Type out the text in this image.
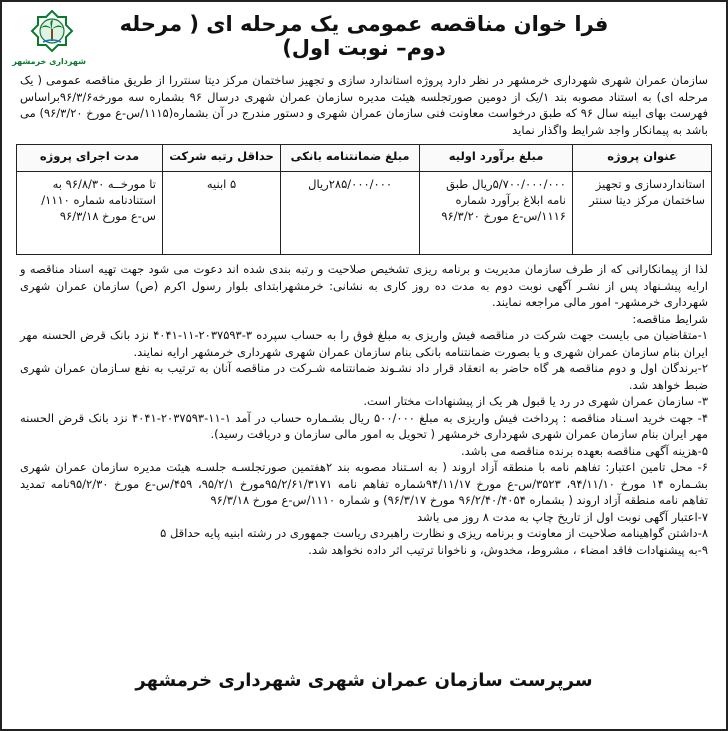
شهرداری خرمشهر
فرا خوان مناقصه عمومی یک مرحله ای ( مرحله دوم– نوبت اول)
سازمان عمران شهری شهرداری خرمشهر در نظر دارد پروژه استاندارد سازی و تجهیز ساختمان مرکز دیتا سنتررا از طریق مناقصه عمومی ( یک مرحله ای) به استناد مصوبه بند ۱/یک از دومین صورتجلسه هیئت مدیره سازمان عمران شهری درسال ۹۶ بشماره سه مورخه۹۶/۳/۶براساس فهرست بهای ابینه سال ۹۶ که طبق درخواست معاونت فنی سازمان عمران شهری و دستور مندرج در آن بشماره(۱۱۱۵/س-ع مورخ ۹۶/۳/۲۰) می باشد به پیمانکار واجد شرایط واگذار نماید
عنوان پروژه	مبلغ برآورد اولیه	مبلغ ضمانتنامه بانکی	حداقل رتبه شرکت	مدت اجرای پروژه
استانداردسازی و تجهیز ساختمان مرکز دیتا سنتر	۵/۷۰۰/۰۰۰/۰۰۰ریال طبق نامه ابلاغ برآورد شماره ۱۱۱۶/س-ع مورخ ۹۶/۳/۲۰	۲۸۵/۰۰۰/۰۰۰ریال	۵ ابنیه	تا مورخــه ۹۶/۸/۳۰ به استنادنامه شماره ۱۱۱۰/ س-ع مورخ ۹۶/۳/۱۸

لذا از پیمانکارانی که از طرف سازمان مدیریت و برنامه ریزی تشخیص صلاحیت و رتبه بندی شده اند دعوت می شود جهت تهیه اسناد مناقصه و ارایه پیشـنهاد پس از نشـر آگهی نوبت دوم به مدت ده روز کاری به نشانی: خرمشهرابتدای بلوار رسول اکرم (ص) سازمان عمران شهری شهرداری خرمشهر- امور مالی مراجعه نمایند.

شرایط مناقصه:

۱-متقاضیان می بایست جهت شرکت در مناقصه فیش واریزی به مبلغ فوق را به حساب سپرده ۳-۲۰۳۷۵۹۳-۱۱-۴۰۴۱ نزد بانک قرض الحسنه مهر ایران بنام سازمان عمران شهری و یا بصورت ضمانتنامه بانکی بنام سازمان عمران شهری شهرداری خرمشهر ارایه نمایند.

۲-برندگان اول و دوم مناقصه هر گاه حاضر به انعقاد قرار داد نشـوند ضمانتنامه شـرکت در مناقصه آنان به ترتیب به نفع سـازمان عمران شهری ضبط خواهد شد.

۳- سازمان عمران شهری در رد یا قبول هر یک از پیشنهادات مختار است.

۴- جهت خرید اسـناد مناقصه : پرداخت فیش واریزی به مبلغ ۵۰۰/۰۰۰ ریال بشـماره حساب در آمد ۱-۱۱-۲۰۳۷۵۹۳-۴۰۴۱ نزد بانک قرض الحسنه مهر ایران بنام سازمان عمران شهری شهرداری خرمشهر ( تحویل به امور مالی سازمان و دریافت رسید).

۵-هزینه آگهی مناقصه بعهده برنده مناقصه می باشد.

۶- محل تامین اعتبار: تفاهم نامه با منطقه آزاد اروند ( به اسـتناد مصوبه بند ۲هفتمین صورتجلسـه جلسـه هیئت مدیره سازمان عمران شهری بشـماره ۱۴ مورخ ۹۴/۱۱/۱۰، ۳۵۲۳/س-ع مورخ ۹۴/۱۱/۱۷شماره تفاهم نامه ۹۵/۲/۶۱/۳۱۷۱مورخ ۹۵/۲/۱، ۴۵۹/س-ع مورخ ۹۵/۲/۳۰نامه تمدید تفاهم نامه منطقه آزاد اروند ( بشماره ۹۶/۲/۴۰/۴۰۵۴ مورخ ۹۶/۳/۱۷) و شماره ۱۱۱۰/س-ع مورخ ۹۶/۳/۱۸

۷-اعتبار آگهی نوبت اول از تاریخ چاپ به مدت ۸ روز می باشد

۸-داشتن گواهینامه صلاحیت از معاونت و برنامه ریزی و نظارت راهبردی ریاست جمهوری در رشته ابنیه پایه حداقل ۵

۹-به پیشنهادات فاقد امضاء ، مشروط، مخدوش، و ناخوانا ترتیب اثر داده نخواهد شد.

سرپرست سازمان عمران شهری شهرداری خرمشهر
